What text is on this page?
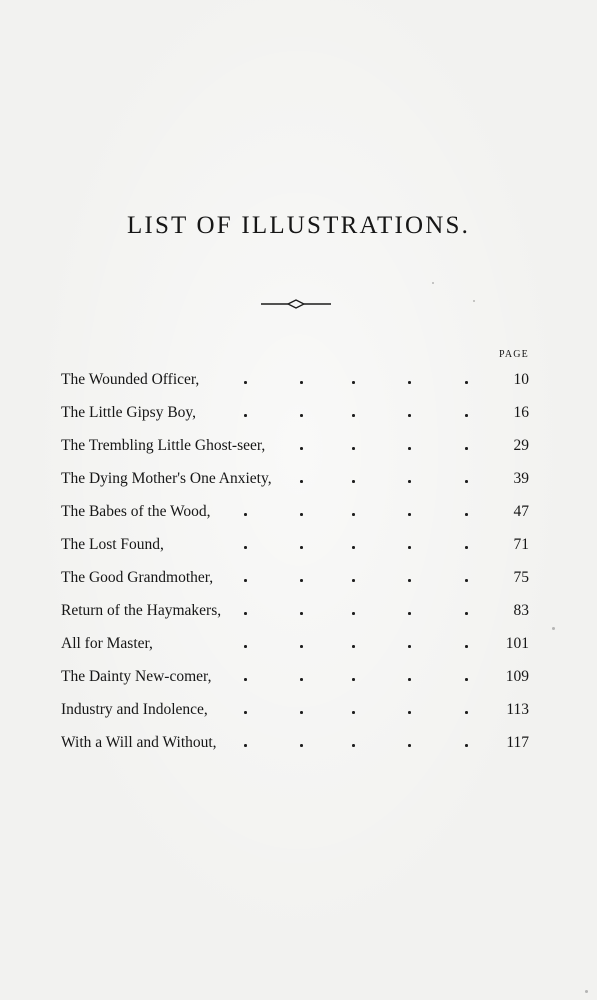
LIST OF ILLUSTRATIONS.
PAGE
The Wounded Officer,	10
The Little Gipsy Boy,	16
The Trembling Little Ghost-seer,	29
The Dying Mother's One Anxiety,	39
The Babes of the Wood,	47
The Lost Found,	71
The Good Grandmother,	75
Return of the Haymakers,	83
All for Master,	101
The Dainty New-comer,	109
Industry and Indolence,	113
With a Will and Without,	117
